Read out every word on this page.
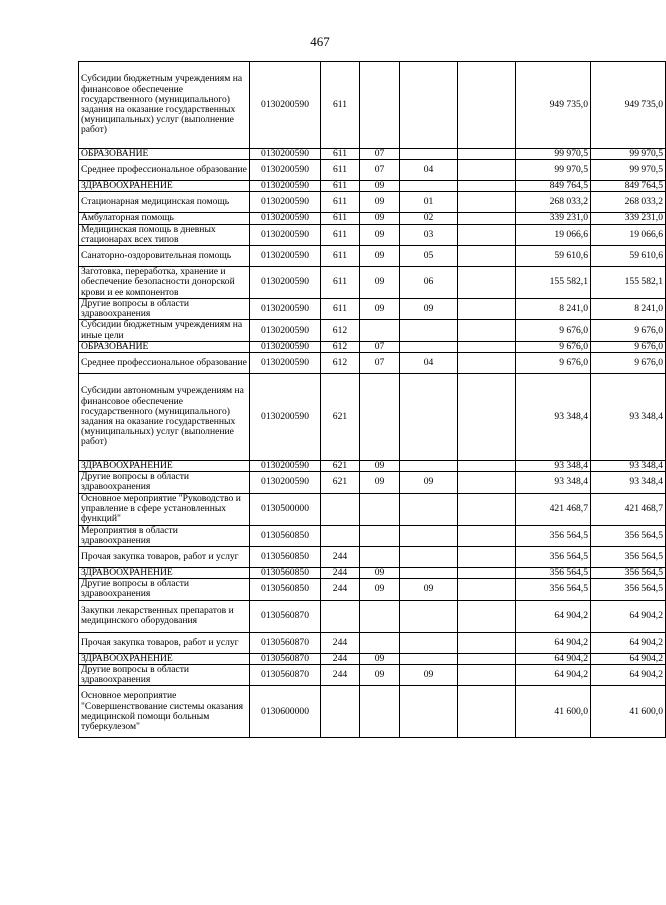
467
Субсидии бюджетным учреждениям на финансовое обеспечение государственного (муниципального) задания на оказание государственных (муниципальных) услуг (выполнение работ)	0130200590	611				949 735,0	949 735,0
ОБРАЗОВАНИЕ	0130200590	611	07			99 970,5	99 970,5
Среднее профессиональное образование	0130200590	611	07	04		99 970,5	99 970,5
ЗДРАВООХРАНЕНИЕ	0130200590	611	09			849 764,5	849 764,5
Стационарная медицинская помощь	0130200590	611	09	01		268 033,2	268 033,2
Амбулаторная помощь	0130200590	611	09	02		339 231,0	339 231,0
Медицинская помощь в дневных стационарах всех типов	0130200590	611	09	03		19 066,6	19 066,6
Санаторно-оздоровительная помощь	0130200590	611	09	05		59 610,6	59 610,6
Заготовка, переработка, хранение и обеспечение безопасности донорской крови и ее компонентов	0130200590	611	09	06		155 582,1	155 582,1
Другие вопросы в области здравоохранения	0130200590	611	09	09		8 241,0	8 241,0
Субсидии бюджетным учреждениям на иные цели	0130200590	612				9 676,0	9 676,0
ОБРАЗОВАНИЕ	0130200590	612	07			9 676,0	9 676,0
Среднее профессиональное образование	0130200590	612	07	04		9 676,0	9 676,0
Субсидии автономным учреждениям на финансовое обеспечение государственного (муниципального) задания на оказание государственных (муниципальных) услуг (выполнение работ)	0130200590	621				93 348,4	93 348,4
ЗДРАВООХРАНЕНИЕ	0130200590	621	09			93 348,4	93 348,4
Другие вопросы в области здравоохранения	0130200590	621	09	09		93 348,4	93 348,4
Основное мероприятие "Руководство и управление в сфере установленных функций"	0130500000					421 468,7	421 468,7
Мероприятия в области здравоохранения	0130560850					356 564,5	356 564,5
Прочая закупка товаров, работ и услуг	0130560850	244				356 564,5	356 564,5
ЗДРАВООХРАНЕНИЕ	0130560850	244	09			356 564,5	356 564,5
Другие вопросы в области здравоохранения	0130560850	244	09	09		356 564,5	356 564,5
Закупки лекарственных препаратов и медицинского оборудования	0130560870					64 904,2	64 904,2
Прочая закупка товаров, работ и услуг	0130560870	244				64 904,2	64 904,2
ЗДРАВООХРАНЕНИЕ	0130560870	244	09			64 904,2	64 904,2
Другие вопросы в области здравоохранения	0130560870	244	09	09		64 904,2	64 904,2
Основное мероприятие "Совершенствование системы оказания медицинской помощи больным туберкулезом"	0130600000					41 600,0	41 600,0
